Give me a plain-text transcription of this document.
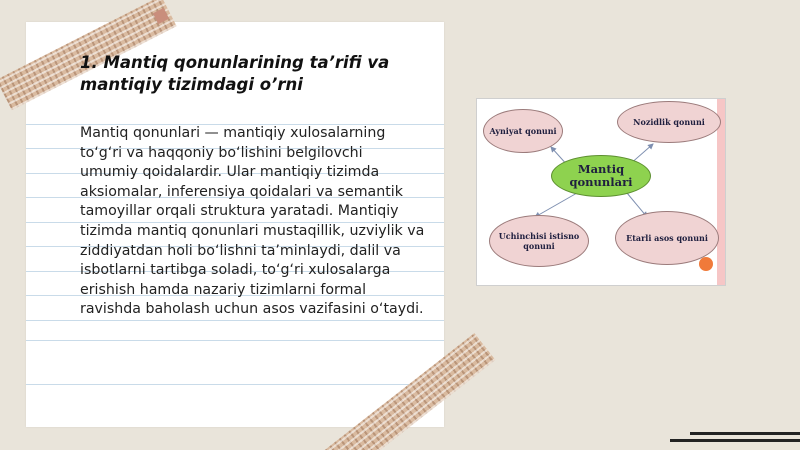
1. Mantiq qonunlarining ta’rifi va mantiqiy tizimdagi o’rni
Mantiq qonunlari — mantiqiy xulosalarning to‘g‘ri va haqqoniy bo‘lishini belgilovchi umumiy qoidalardir. Ular mantiqiy tizimda aksiomalar, inferensiya qoidalari va semantik tamoyillar orqali struktura yaratadi. Mantiqiy tizimda mantiq qonunlari mustaqillik, uzviylik va ziddiyatdan holi bo‘lishni ta’minlaydi, dalil va isbotlarni tartibga soladi, to‘g‘ri xulosalarga erishish hamda nazariy tizimlarni formal ravishda baholash uchun asos vazifasini o‘taydi.
Ayniyat qonuni
Nozidlik qonuni
Mantiq qonunlari
Uchinchisi istisno qonuni
Etarli asos qonuni
